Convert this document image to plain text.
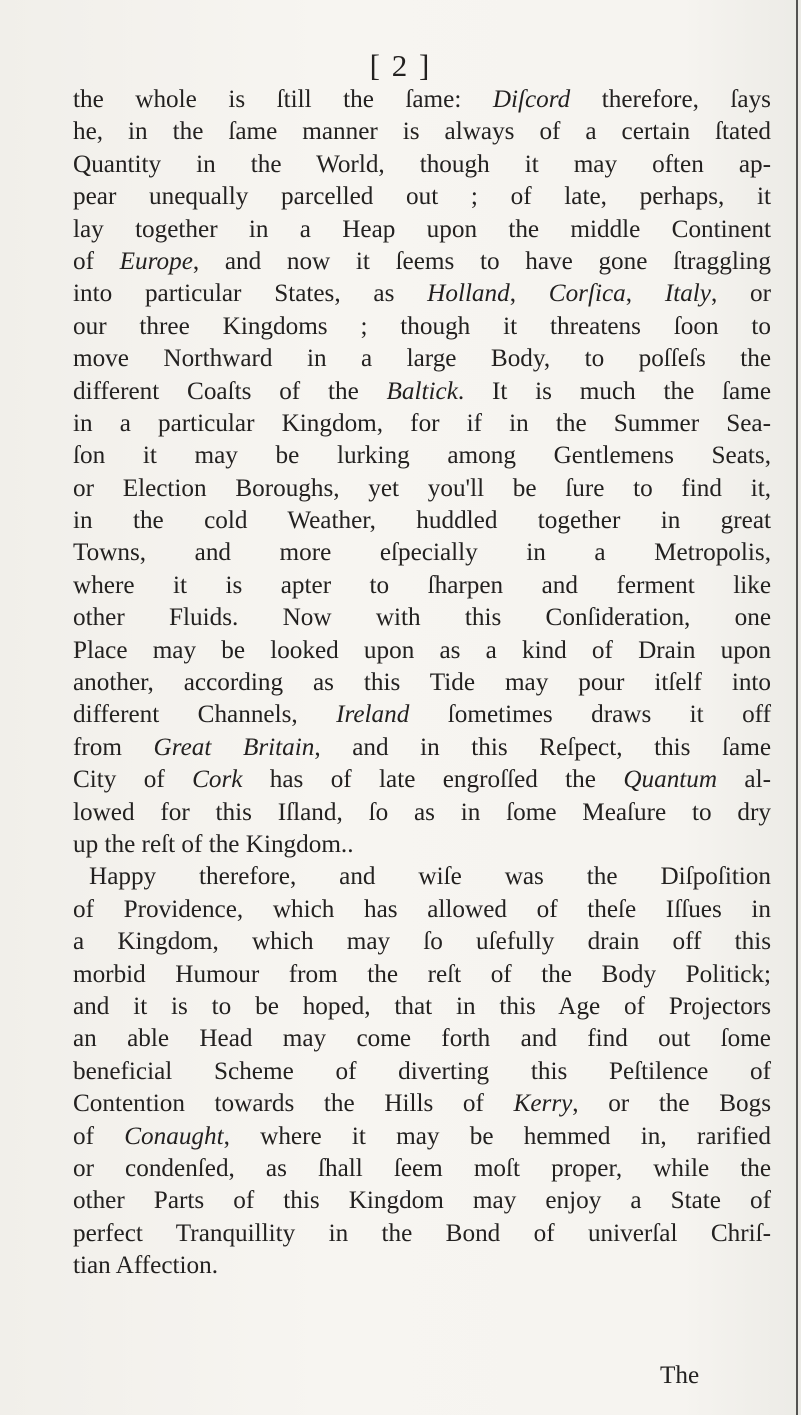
[ 2 ]
the whole is ſtill the ſame: Diſcord therefore, ſays
he, in the ſame manner is always of a certain ſtated
Quantity in the World, though it may often ap-
pear unequally parcelled out ; of late, perhaps, it
lay together in a Heap upon the middle Continent
of Europe, and now it ſeems to have gone ſtraggling
into particular States, as Holland, Corſica, Italy, or
our three Kingdoms ; though it threatens ſoon to
move Northward in a large Body, to poſſeſs the
different Coaſts of the Baltick. It is much the ſame
in a particular Kingdom, for if in the Summer Sea-
ſon it may be lurking among Gentlemens Seats,
or Election Boroughs, yet you'll be ſure to find it,
in the cold Weather, huddled together in great
Towns, and more eſpecially in a Metropolis,
where it is apter to ſharpen and ferment like
other Fluids. Now with this Conſideration, one
Place may be looked upon as a kind of Drain upon
another, according as this Tide may pour itſelf into
different Channels, Ireland ſometimes draws it off
from Great Britain, and in this Reſpect, this ſame
City of Cork has of late engroſſed the Quantum al-
lowed for this Iſland, ſo as in ſome Meaſure to dry
up the reſt of the Kingdom..
Happy therefore, and wiſe was the Diſpoſition
of Providence, which has allowed of theſe Iſſues in
a Kingdom, which may ſo uſefully drain off this
morbid Humour from the reſt of the Body Politick;
and it is to be hoped, that in this Age of Projectors
an able Head may come forth and find out ſome
beneficial Scheme of diverting this Peſtilence of
Contention towards the Hills of Kerry, or the Bogs
of Conaught, where it may be hemmed in, rarified
or condenſed, as ſhall ſeem moſt proper, while the
other Parts of this Kingdom may enjoy a State of
perfect Tranquillity in the Bond of univerſal Chriſ-
tian Affection.
The
